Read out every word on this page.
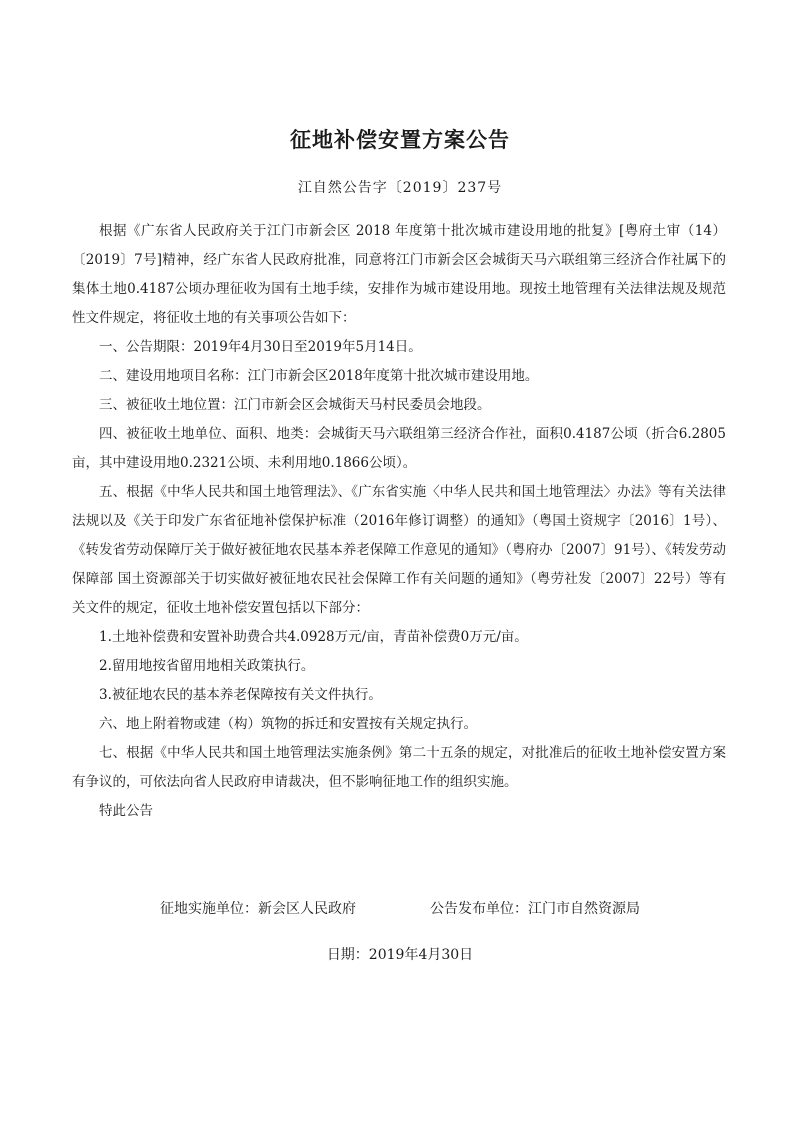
征地补偿安置方案公告
江自然公告字〔2019〕237号

根据《广东省人民政府关于江门市新会区 2018 年度第十批次城市建设用地的批复》[粤府土审（14）〔2019〕7号]精神，经广东省人民政府批准，同意将江门市新会区会城街天马六联组第三经济合作社属下的集体土地0.4187公顷办理征收为国有土地手续，安排作为城市建设用地。现按土地管理有关法律法规及规范性文件规定，将征收土地的有关事项公告如下：

一、公告期限：2019年4月30日至2019年5月14日。

二、建设用地项目名称：江门市新会区2018年度第十批次城市建设用地。

三、被征收土地位置：江门市新会区会城街天马村民委员会地段。

四、被征收土地单位、面积、地类：会城街天马六联组第三经济合作社，面积0.4187公顷（折合6.2805亩，其中建设用地0.2321公顷、未利用地0.1866公顷）。

五、根据《中华人民共和国土地管理法》、《广东省实施〈中华人民共和国土地管理法〉办法》等有关法律法规以及《关于印发广东省征地补偿保护标准（2016年修订调整）的通知》（粤国土资规字〔2016〕1号）、《转发省劳动保障厅关于做好被征地农民基本养老保障工作意见的通知》（粤府办〔2007〕91号）、《转发劳动保障部 国土资源部关于切实做好被征地农民社会保障工作有关问题的通知》（粤劳社发〔2007〕22号）等有关文件的规定，征收土地补偿安置包括以下部分：

1.土地补偿费和安置补助费合共4.0928万元/亩，青苗补偿费0万元/亩。

2.留用地按省留用地相关政策执行。

3.被征地农民的基本养老保障按有关文件执行。

六、地上附着物或建（构）筑物的拆迁和安置按有关规定执行。

七、根据《中华人民共和国土地管理法实施条例》第二十五条的规定，对批准后的征收土地补偿安置方案有争议的，可依法向省人民政府申请裁决，但不影响征地工作的组织实施。

特此公告

征地实施单位：新会区人民政府	公告发布单位：江门市自然资源局
日期：2019年4月30日
